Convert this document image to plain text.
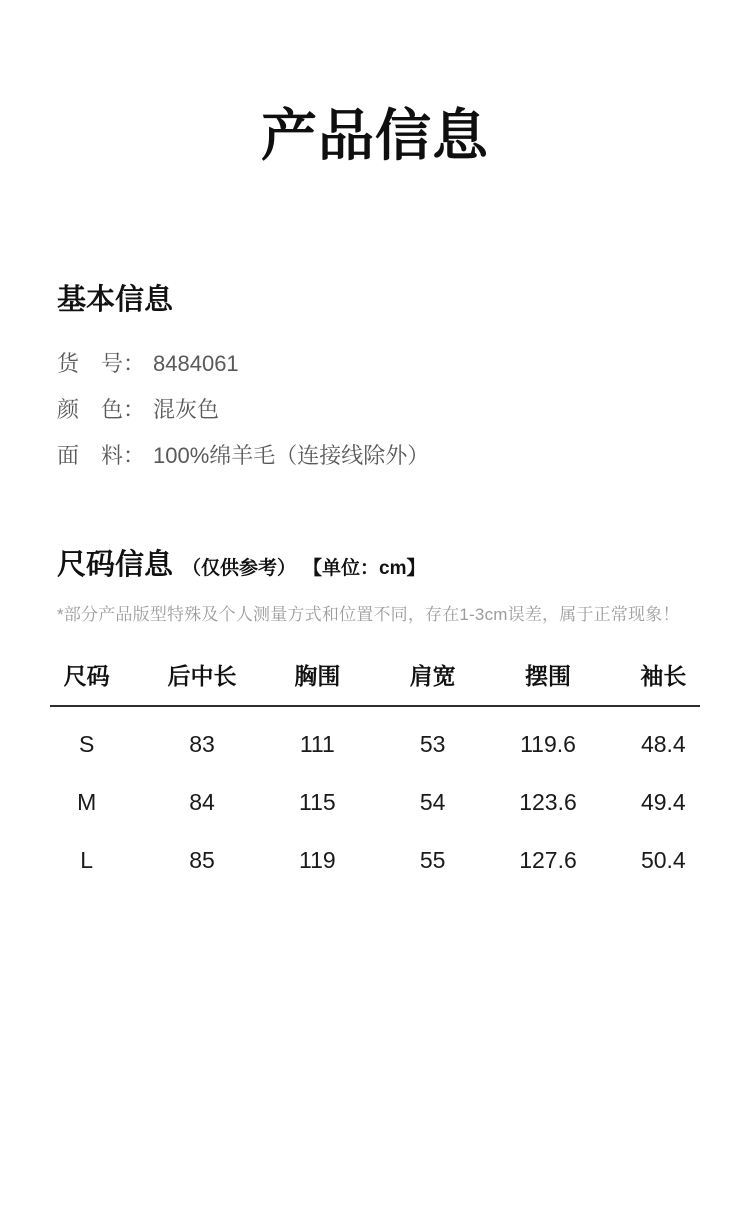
产品信息
基本信息
货　号： 8484061
颜　色： 混灰色
面　料： 100%绵羊毛（连接线除外）
尺码信息 （仅供参考） 【单位：cm】

*部分产品版型特殊及个人测量方式和位置不同，存在1-3cm误差，属于正常现象！

尺码	后中长	胸围	肩宽	摆围	袖长
S	83	111	53	119.6	48.4
M	84	115	54	123.6	49.4
L	85	119	55	127.6	50.4
